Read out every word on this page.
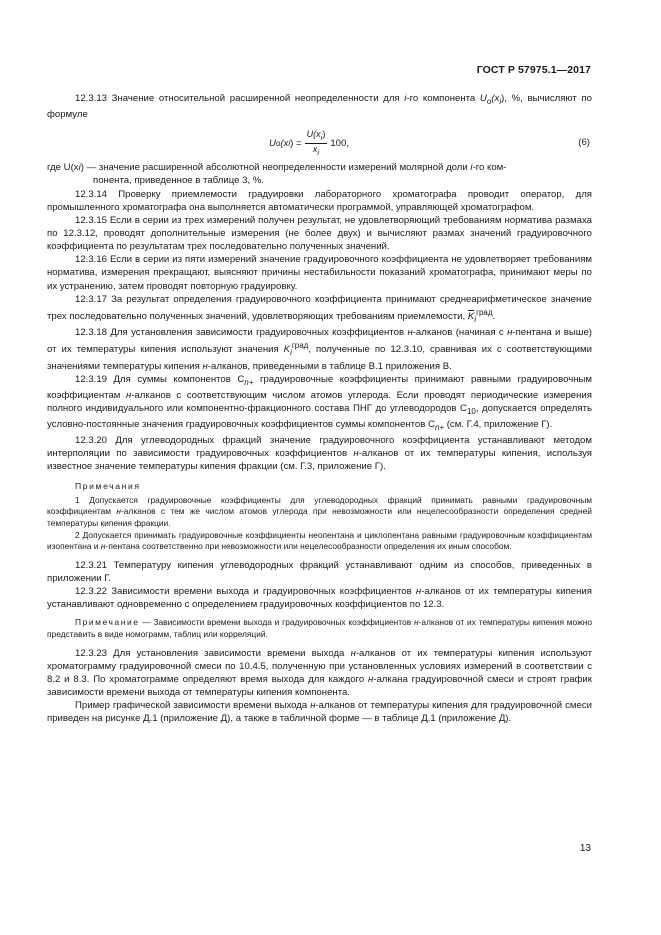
ГОСТ Р 57975.1—2017

12.3.13 Значение относительной расширенной неопределенности для i-го компонента $U_о(x_i)$, %, вычисляют по формуле

U о (x i ) = $\frac{U(x_i)}{x_i} 100$,	(6)
где U(xi) — значение расширенной абсолютной неопределенности измерений молярной доли i-го ком-
понента, приведенное в таблице 3, %.

12.3.14 Проверку приемлемости градуировки лабораторного хроматографа проводит оператор, для промышленного хроматографа она выполняется автоматически программой, управляющей хроматографом.

12.3.15 Если в серии из трех измерений получен результат, не удовлетворяющий требованиям норматива размаха по 12.3.12, проводят дополнительные измерения (не более двух) и вычисляют размах значений градуировочного коэффициента по результатам трех последовательно полученных значений.

12.3.16 Если в серии из пяти измерений значение градуировочного коэффициента не удовлетворяет требованиям норматива, измерения прекращают, выясняют причины нестабильности показаний хроматографа, принимают меры по их устранению, затем проводят повторную градуировку.

12.3.17 За результат определения градуировочного коэффициента принимают среднеарифметическое значение трех последовательно полученных значений, удовлетворяющих требованиям приемлемости, $\overline{K}_i^{град}$.

12.3.18 Для установления зависимости градуировочных коэффициентов н-алканов (начиная с н-пентана и выше) от их температуры кипения используют значения $K_i^{град}$, полученные по 12.3.10, сравнивая их с соответствующими значениями температуры кипения н-алканов, приведенными в таблице В.1 приложения В.

12.3.19 Для суммы компонентов $С_{n+}$ градуировочные коэффициенты принимают равными градуировочным коэффициентам н-алканов с соответствующим числом атомов углерода. Если проводят периодические измерения полного индивидуального или компонентно-фракционного состава ПНГ до углеводородов $С_{10}$, допускается определять условно-постоянные значения градуировочных коэффициентов суммы компонентов $С_{n+}$ (см. Г.4, приложение Г).

12.3.20 Для углеводородных фракций значение градуировочного коэффициента устанавливают методом интерполяции по зависимости градуировочных коэффициентов н-алканов от их температуры кипения, используя известное значение температуры кипения фракции (см. Г.3, приложение Г).

Примечания

1 Допускается градуировочные коэффициенты для углеводородных фракций принимать равными градуировочным коэффициентам н-алканов с тем же числом атомов углерода при невозможности или нецелесообразности определения средней температуры кипения фракции.

2 Допускается принимать градуировочные коэффициенты неопентана и циклопентана равными градуировочным коэффициентам изопентана и н-пентана соответственно при невозможности или нецелесообразности определения их иным способом.

12.3.21 Температуру кипения углеводородных фракций устанавливают одним из способов, приведенных в приложении Г.

12.3.22 Зависимости времени выхода и градуировочных коэффициентов н-алканов от их температуры кипения устанавливают одновременно с определением градуировочных коэффициентов по 12.3.

Примечание — Зависимости времени выхода и градуировочных коэффициентов н-алканов от их температуры кипения можно представить в виде номограмм, таблиц или корреляций.

12.3.23 Для установления зависимости времени выхода н-алканов от их температуры кипения используют хроматограмму градуировочной смеси по 10.4.5, полученную при установленных условиях измерений в соответствии с 8.2 и 8.3. По хроматограмме определяют время выхода для каждого н-алкана градуировочной смеси и строят график зависимости времени выхода от температуры кипения компонента.

Пример графической зависимости времени выхода н-алканов от температуры кипения для градуировочной смеси приведен на рисунке Д.1 (приложение Д), а также в табличной форме — в таблице Д.1 (приложение Д).

13
